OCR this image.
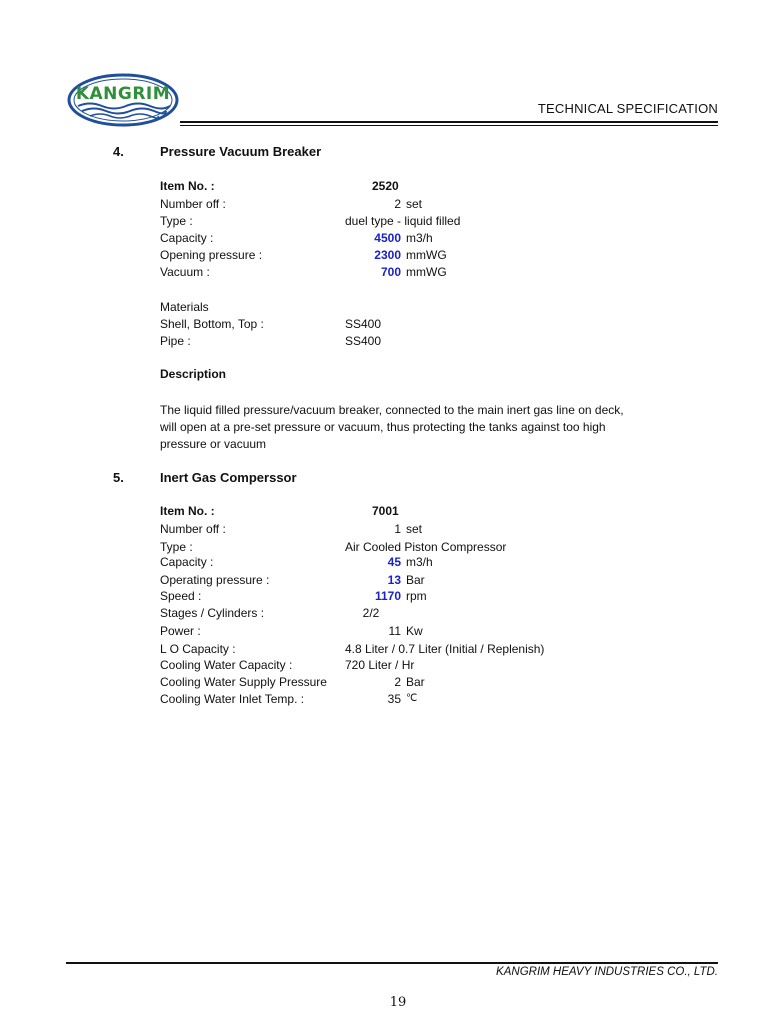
KANGRIM
TECHNICAL SPECIFICATION
4.	Pressure Vacuum Breaker
Item No. :	2520
Number off :	2 set
Type :	duel type - liquid filled
Capacity :	4500 m3/h
Opening pressure :	2300 mmWG
Vacuum :	700 mmWG
Materials
Shell, Bottom, Top :	SS400
Pipe :	SS400
Description
The liquid filled pressure/vacuum breaker, connected to the main inert gas line on deck,
will open at a pre-set pressure or vacuum, thus protecting the tanks against too high
pressure or vacuum
5.	Inert Gas Comperssor
Item No. :	7001
Number off :	1 set
Type :	Air Cooled Piston Compressor
Capacity :	45 m3/h
Operating pressure :	13 Bar
Speed :	1170 rpm
Stages / Cylinders :	2/2
Power :	11 Kw
L O Capacity :	4.8 Liter / 0.7 Liter (Initial / Replenish)
Cooling Water Capacity :	720 Liter / Hr
Cooling Water Supply Pressure	2 Bar
Cooling Water Inlet Temp. :	35 ℃
KANGRIM HEAVY INDUSTRIES CO., LTD.
19
